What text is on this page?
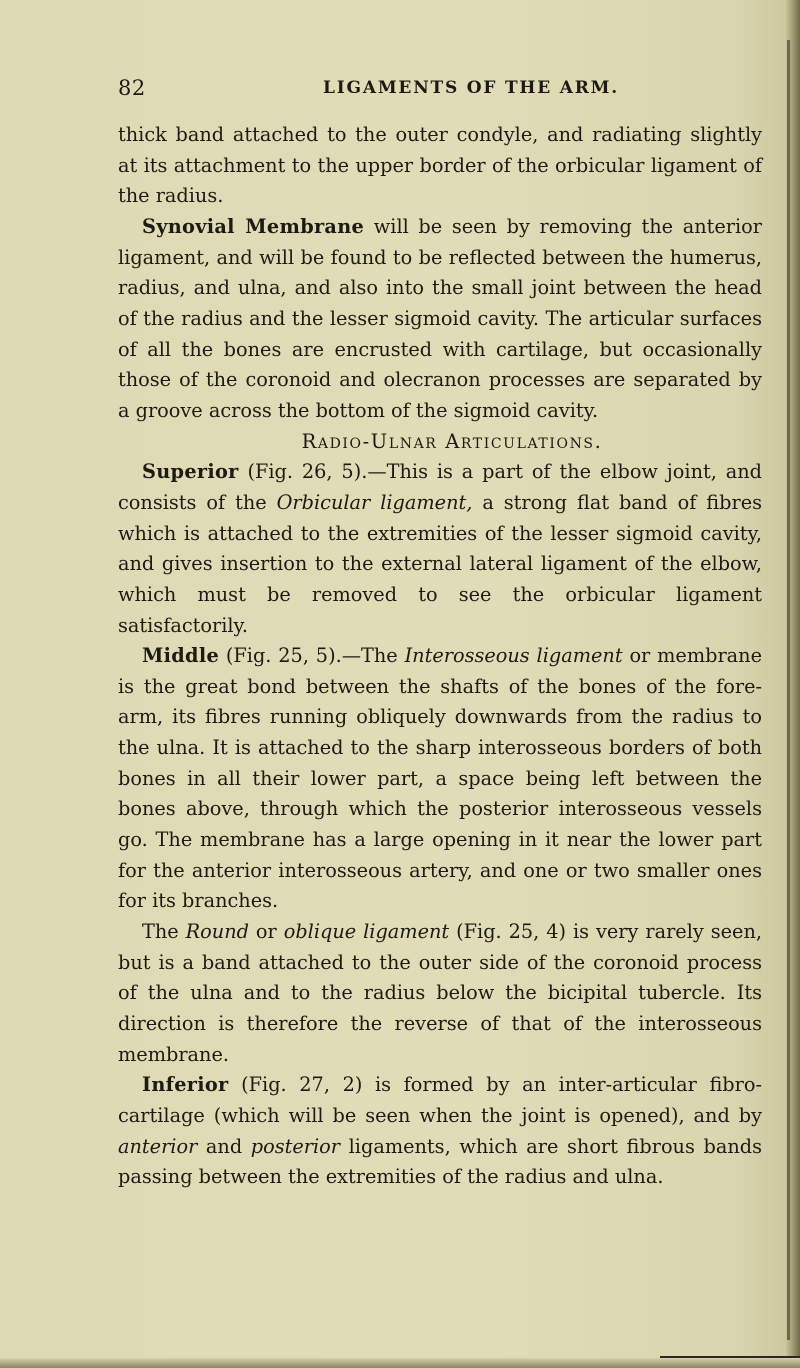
82	LIGAMENTS OF THE ARM.

thick band attached to the outer condyle, and radiating slightly at its attachment to the upper border of the orbicular ligament of the radius.

Synovial Membrane will be seen by removing the anterior ligament, and will be found to be reflected between the humerus, radius, and ulna, and also into the small joint between the head of the radius and the lesser sigmoid cavity. The articular surfaces of all the bones are encrusted with cartilage, but occasionally those of the coronoid and olecranon processes are separated by a groove across the bottom of the sigmoid cavity.

Radio-Ulnar Articulations.

Superior (Fig. 26, 5).—This is a part of the elbow joint, and consists of the Orbicular ligament, a strong flat band of fibres which is attached to the extremities of the lesser sigmoid cavity, and gives insertion to the external lateral ligament of the elbow, which must be removed to see the orbicular ligament satisfactorily.

Middle (Fig. 25, 5).—The Interosseous ligament or membrane is the great bond between the shafts of the bones of the fore-arm, its fibres running obliquely downwards from the radius to the ulna. It is attached to the sharp interosseous borders of both bones in all their lower part, a space being left between the bones above, through which the posterior interosseous vessels go. The membrane has a large opening in it near the lower part for the anterior interosseous artery, and one or two smaller ones for its branches.

The Round or oblique ligament (Fig. 25, 4) is very rarely seen, but is a band attached to the outer side of the coronoid process of the ulna and to the radius below the bicipital tubercle. Its direction is therefore the reverse of that of the interosseous membrane.

Inferior (Fig. 27, 2) is formed by an inter-articular fibro-cartilage (which will be seen when the joint is opened), and by anterior and posterior ligaments, which are short fibrous bands passing between the extremities of the radius and ulna.
